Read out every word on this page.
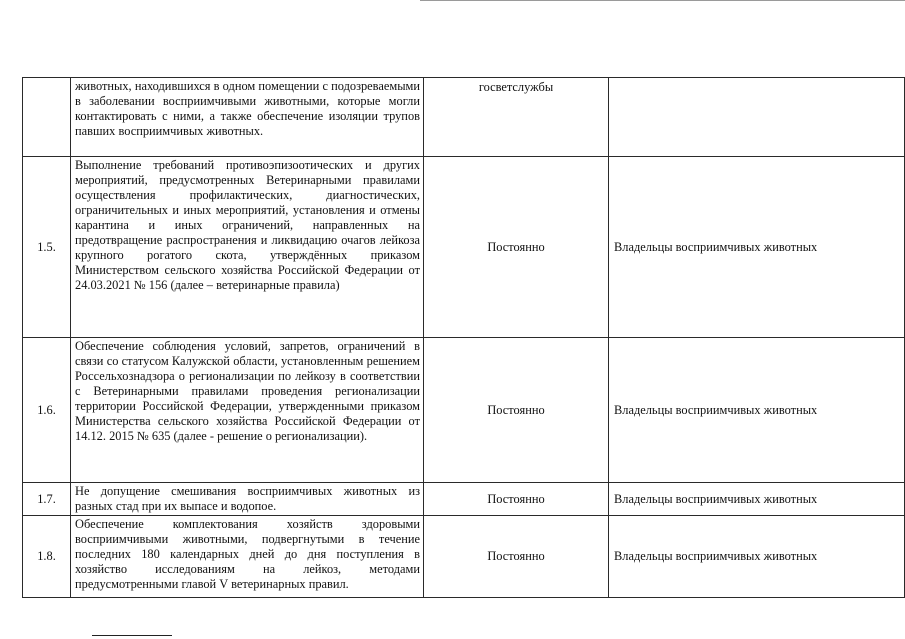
	животных, находившихся в одном помещении с подозреваемыми в заболевании восприимчивыми животными, которые могли контактировать с ними, а также обеспечение изоляции трупов павших восприимчивых животных.	госветслужбы	

1.5.	Выполнение требований противоэпизоотических и других мероприятий, предусмотренных Ветеринарными правилами осуществления профилактических, диагностических, ограничительных и иных мероприятий, установления и отмены карантина и иных ограничений, направленных на предотвращение распространения и ликвидацию очагов лейкоза крупного рогатого скота, утверждённых приказом Министерством сельского хозяйства Российской Федерации от 24.03.2021 № 156 (далее – ветеринарные правила)	Постоянно	Владельцы восприимчивых животных

1.6.	Обеспечение соблюдения условий, запретов, ограничений в связи со статусом Калужской области, установленным решением Россельхознадзора о регионализации по лейкозу в соответствии с Ветеринарными правилами проведения регионализации территории Российской Федерации, утвержденными приказом Министерства сельского хозяйства Российской Федерации от 14.12. 2015 № 635 (далее - решение о регионализации).	Постоянно	Владельцы восприимчивых животных

1.7.	Не допущение смешивания восприимчивых животных из разных стад при их выпасе и водопое.	Постоянно	Владельцы восприимчивых животных

1.8.	Обеспечение комплектования хозяйств здоровыми восприимчивыми животными, подвергнутыми в течение последних 180 календарных дней до дня поступления в хозяйство исследованиям на лейкоз, методами предусмотренными главой V ветеринарных правил.	Постоянно	Владельцы восприимчивых животных
